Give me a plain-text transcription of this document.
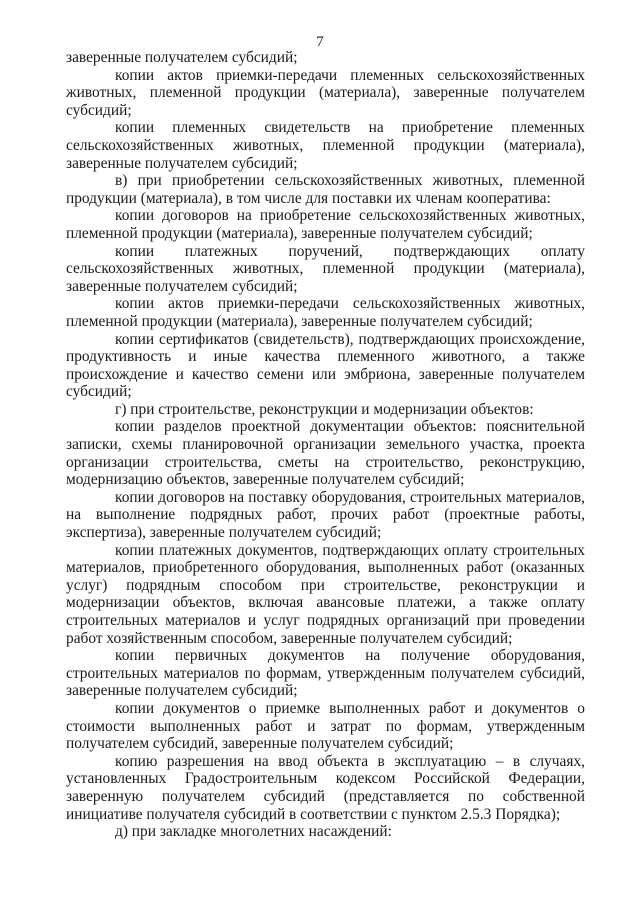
7

заверенные получателем субсидий;

копии актов приемки-передачи племенных сельскохозяйственных животных, племенной продукции (материала), заверенные получателем субсидий;

копии племенных свидетельств на приобретение племенных сельскохозяйственных животных, племенной продукции (материала), заверенные получателем субсидий;

в) при приобретении сельскохозяйственных животных, племенной продукции (материала), в том числе для поставки их членам кооператива:

копии договоров на приобретение сельскохозяйственных животных, племенной продукции (материала), заверенные получателем субсидий;

копии платежных поручений, подтверждающих оплату сельскохозяйственных животных, племенной продукции (материала), заверенные получателем субсидий;

копии актов приемки-передачи сельскохозяйственных животных, племенной продукции (материала), заверенные получателем субсидий;

копии сертификатов (свидетельств), подтверждающих происхождение, продуктивность и иные качества племенного животного, а также происхождение и качество семени или эмбриона, заверенные получателем субсидий;

г) при строительстве, реконструкции и модернизации объектов:

копии разделов проектной документации объектов: пояснительной записки, схемы планировочной организации земельного участка, проекта организации строительства, сметы на строительство, реконструкцию, модернизацию объектов, заверенные получателем субсидий;

копии договоров на поставку оборудования, строительных материалов, на выполнение подрядных работ, прочих работ (проектные работы, экспертиза), заверенные получателем субсидий;

копии платежных документов, подтверждающих оплату строительных материалов, приобретенного оборудования, выполненных работ (оказанных услуг) подрядным способом при строительстве, реконструкции и модернизации объектов, включая авансовые платежи, а также оплату строительных материалов и услуг подрядных организаций при проведении работ хозяйственным способом, заверенные получателем субсидий;

копии первичных документов на получение оборудования, строительных материалов по формам, утвержденным получателем субсидий, заверенные получателем субсидий;

копии документов о приемке выполненных работ и документов о стоимости выполненных работ и затрат по формам, утвержденным получателем субсидий, заверенные получателем субсидий;

копию разрешения на ввод объекта в эксплуатацию – в случаях, установленных Градостроительным кодексом Российской Федерации, заверенную получателем субсидий (представляется по собственной инициативе получателя субсидий в соответствии с пунктом 2.5.3 Порядка);

д) при закладке многолетних насаждений:
